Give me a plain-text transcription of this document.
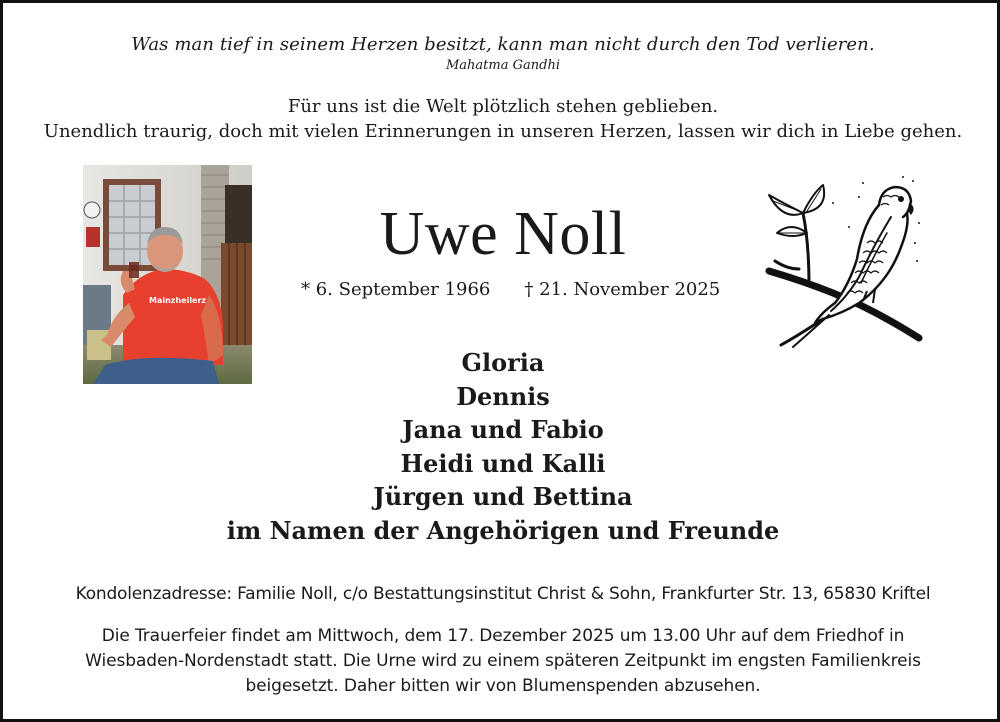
Was man tief in seinem Herzen besitzt, kann man nicht durch den Tod verlieren.
Mahatma Gandhi
Für uns ist die Welt plötzlich stehen geblieben.
Unendlich traurig, doch mit vielen Erinnerungen in unseren Herzen, lassen wir dich in Liebe gehen.
Mainzheilerz
Uwe Noll
* 6. September 1966 † 21. November 2025
Gloria
Dennis
Jana und Fabio
Heidi und Kalli
Jürgen und Bettina
im Namen der Angehörigen und Freunde
Kondolenzadresse: Familie Noll, c/o Bestattungsinstitut Christ & Sohn, Frankfurter Str. 13, 65830 Kriftel
Die Trauerfeier findet am Mittwoch, dem 17. Dezember 2025 um 13.00 Uhr auf dem Friedhof in
Wiesbaden-Nordenstadt statt. Die Urne wird zu einem späteren Zeitpunkt im engsten Familienkreis
beigesetzt. Daher bitten wir von Blumenspenden abzusehen.
